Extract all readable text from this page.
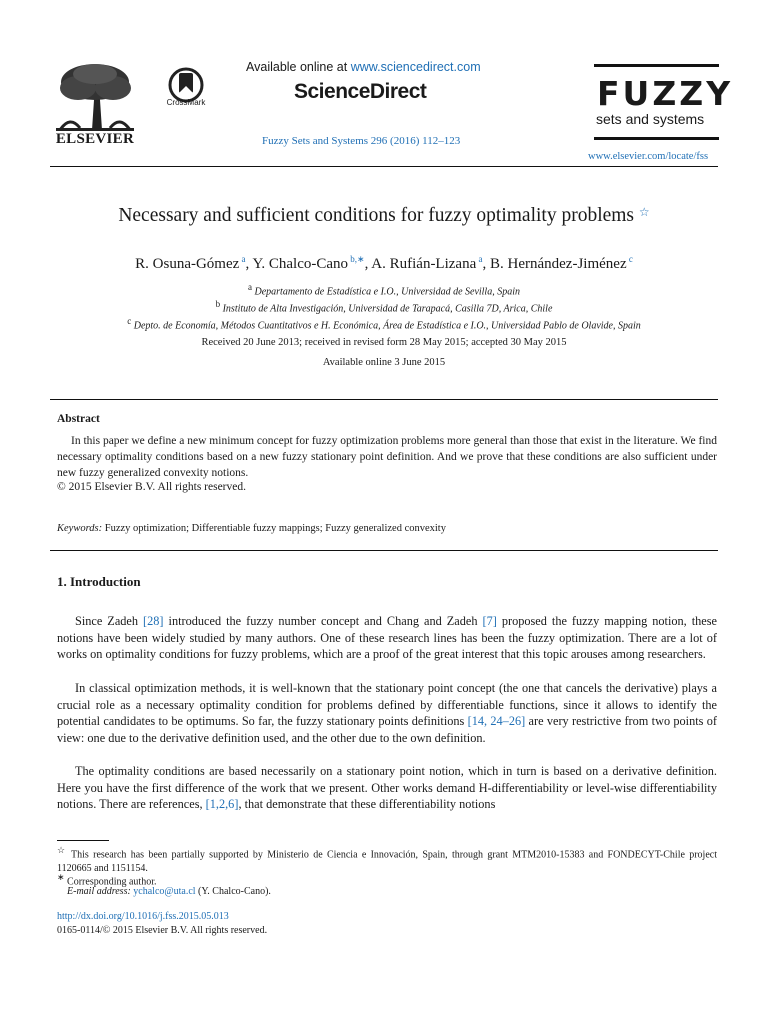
ELSEVIER
CrossMark
Available online at www.sciencedirect.com
ScienceDirect
Fuzzy Sets and Systems 296 (2016) 112–123
FUZZY
sets and systems
www.elsevier.com/locate/fss
Necessary and sufficient conditions for fuzzy optimality problems ☆
R. Osuna-Gómez $^a$, Y. Chalco-Cano $^{b,∗}$, A. Rufián-Lizana $^a$, B. Hernández-Jiménez $^c$
$^a$ Departamento de Estadística e I.O., Universidad de Sevilla, Spain
$^b$ Instituto de Alta Investigación, Universidad de Tarapacá, Casilla 7D, Arica, Chile
$^c$ Depto. de Economía, Métodos Cuantitativos e H. Económica, Área de Estadística e I.O., Universidad Pablo de Olavide, Spain
Received 20 June 2013; received in revised form 28 May 2015; accepted 30 May 2015
Available online 3 June 2015
Abstract
In this paper we define a new minimum concept for fuzzy optimization problems more general than those that exist in the literature. We find necessary optimality conditions based on a new fuzzy stationary point definition. And we prove that these conditions are also sufficient under new fuzzy generalized convexity notions.
© 2015 Elsevier B.V. All rights reserved.
Keywords: Fuzzy optimization; Differentiable fuzzy mappings; Fuzzy generalized convexity
1. Introduction
Since Zadeh [28] introduced the fuzzy number concept and Chang and Zadeh [7] proposed the fuzzy mapping notion, these notions have been widely studied by many authors. One of these research lines has been the fuzzy optimization. There are a lot of works on optimality conditions for fuzzy problems, which are a proof of the great interest that this topic arouses among researchers.
In classical optimization methods, it is well-known that the stationary point concept (the one that cancels the derivative) plays a crucial role as a necessary optimality condition for problems defined by differentiable functions, since it allows to identify the potential candidates to be optimums. So far, the fuzzy stationary points definitions [14, 24–26] are very restrictive from two points of view: one due to the derivative definition used, and the other due to the own definition.
The optimality conditions are based necessarily on a stationary point notion, which in turn is based on a derivative definition. Here you have the first difference of the work that we present. Other works demand H-differentiability or level-wise differentiability notions. There are references, [1,2,6], that demonstrate that these differentiability notions
☆ This research has been partially supported by Ministerio de Ciencia e Innovación, Spain, through grant MTM2010-15383 and FONDECYT-Chile project 1120665 and 1151154.
∗ Corresponding author.
E-mail address: ychalco@uta.cl (Y. Chalco-Cano).
http://dx.doi.org/10.1016/j.fss.2015.05.013
0165-0114/© 2015 Elsevier B.V. All rights reserved.
